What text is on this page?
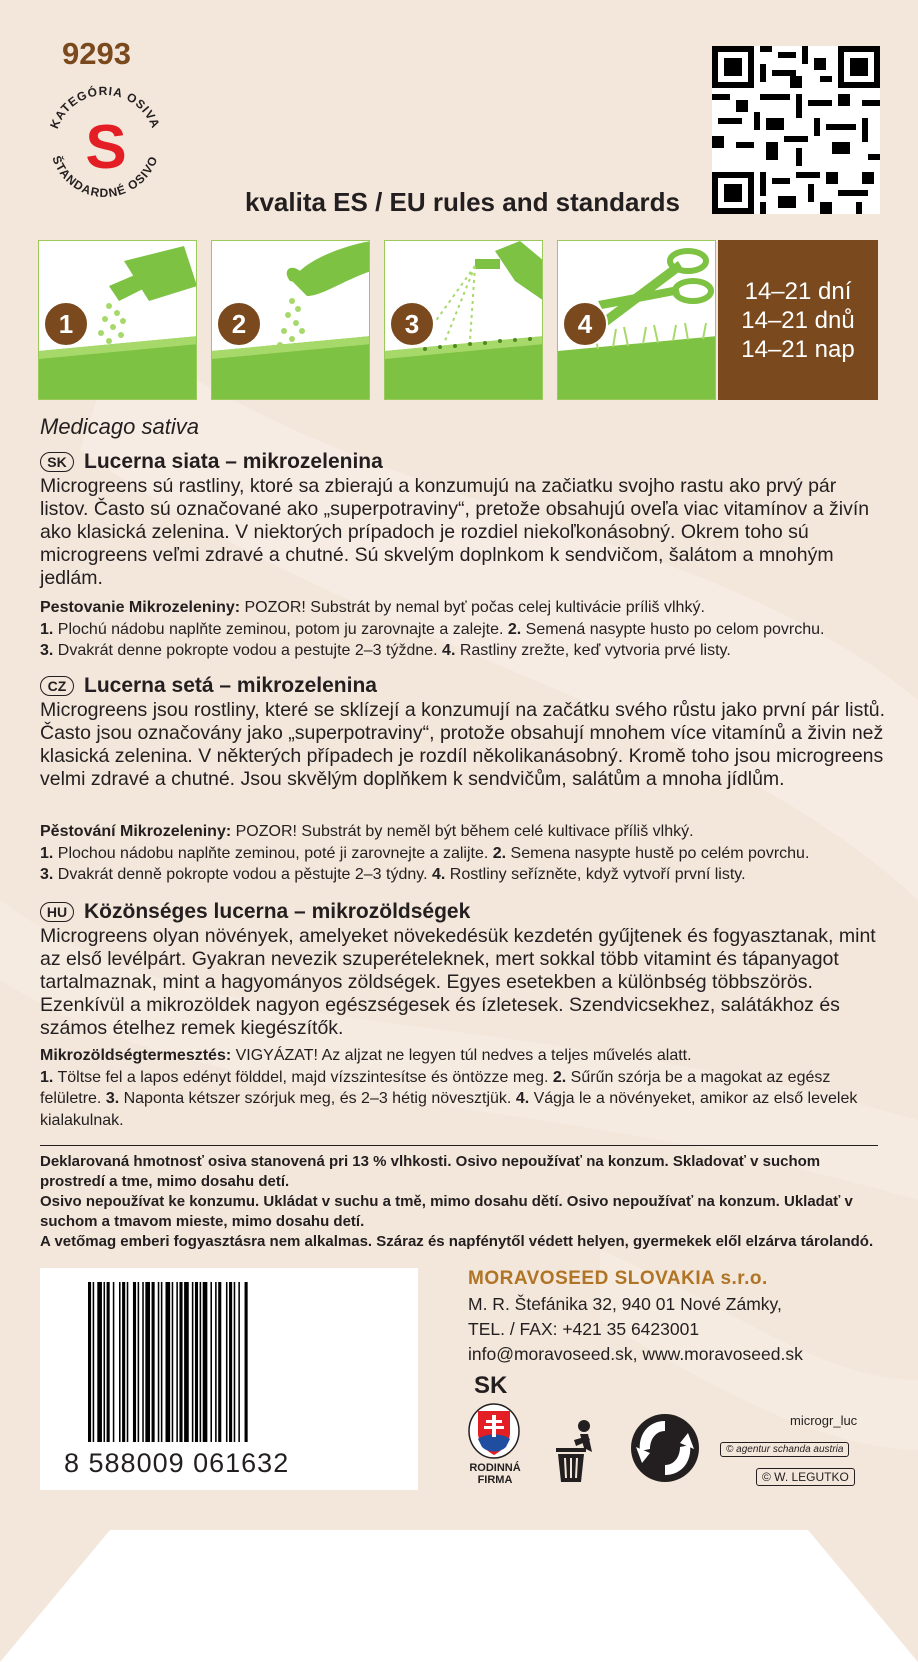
9293
KATEGÓRIA OSIVA
ŠTANDARDNÉ OSIVO
S
kvalita ES / EU rules and standards
1	2	3	4
14–21 dní
14–21 dnů
14–21 nap
Medicago sativa
SK Lucerna siata – mikrozelenina
Microgreens sú rastliny, ktoré sa zbierajú a konzumujú na začiatku svojho rastu ako prvý pár listov. Často sú označované ako „superpotraviny“, pretože obsahujú oveľa viac vitamínov a živín ako klasická zelenina. V niektorých prípadoch je rozdiel niekoľkonásobný. Okrem toho sú microgreens veľmi zdravé a chutné. Sú skvelým doplnkom k sendvičom, šalátom a mnohým jedlám.
Pestovanie Mikrozeleniny: POZOR! Substrát by nemal byť počas celej kultivácie príliš vlhký.
1. Plochú nádobu naplňte zeminou, potom ju zarovnajte a zalejte. 2. Semená nasypte husto po celom povrchu.
3. Dvakrát denne pokropte vodou a pestujte 2–3 týždne. 4. Rastliny zrežte, keď vytvoria prvé listy.
CZ Lucerna setá – mikrozelenina
Microgreens jsou rostliny, které se sklízejí a konzumují na začátku svého růstu jako první pár listů. Často jsou označovány jako „superpotraviny“, protože obsahují mnohem více vitamínů a živin než klasická zelenina. V některých případech je rozdíl několikanásobný. Kromě toho jsou microgreens velmi zdravé a chutné. Jsou skvělým doplňkem k sendvičům, salátům a mnoha jídlům.
Pěstování Mikrozeleniny: POZOR! Substrát by neměl být během celé kultivace příliš vlhký.
1. Plochou nádobu naplňte zeminou, poté ji zarovnejte a zalijte. 2. Semena nasypte hustě po celém povrchu.
3. Dvakrát denně pokropte vodou a pěstujte 2–3 týdny. 4. Rostliny seřízněte, když vytvoří první listy.
HU Közönséges lucerna – mikrozöldségek
Microgreens olyan növények, amelyeket növekedésük kezdetén gyűjtenek és fogyasztanak, mint az első levélpárt. Gyakran nevezik szuperételeknek, mert sokkal több vitamint és tápanyagot tartalmaznak, mint a hagyományos zöldségek. Egyes esetekben a különbség többszörös. Ezenkívül a mikrozöldek nagyon egészségesek és ízletesek. Szendvicsekhez, salátákhoz és számos ételhez remek kiegészítők.
Mikrozöldségtermesztés: VIGYÁZAT! Az aljzat ne legyen túl nedves a teljes művelés alatt.
1. Töltse fel a lapos edényt földdel, majd vízszintesítse és öntözze meg. 2. Sűrűn szórja be a magokat az egész felületre. 3. Naponta kétszer szórjuk meg, és 2–3 hétig növesztjük. 4. Vágja le a növényeket, amikor az első levelek kialakulnak.
Deklarovaná hmotnosť osiva stanovená pri 13 % vlhkosti. Osivo nepoužívať na konzum. Skladovať v suchom prostredí a tme, mimo dosahu detí.
Osivo nepoužívat ke konzumu. Ukládat v suchu a tmě, mimo dosahu dětí. Osivo nepoužívať na konzum. Ukladať v suchom a tmavom mieste, mimo dosahu detí.
A vetőmag emberi fogyasztásra nem alkalmas. Száraz és napfénytől védett helyen, gyermekek elől elzárva tárolandó.
8 588009 061632
MORAVOSEED SLOVAKIA s.r.o.
M. R. Štefánika 32, 940 01 Nové Zámky,
TEL. / FAX: +421 35 6423001
info@moravoseed.sk, www.moravoseed.sk
SK
RODINNÁ FIRMA
microgr_luc
© agentur schanda austria
© W. LEGUTKO
